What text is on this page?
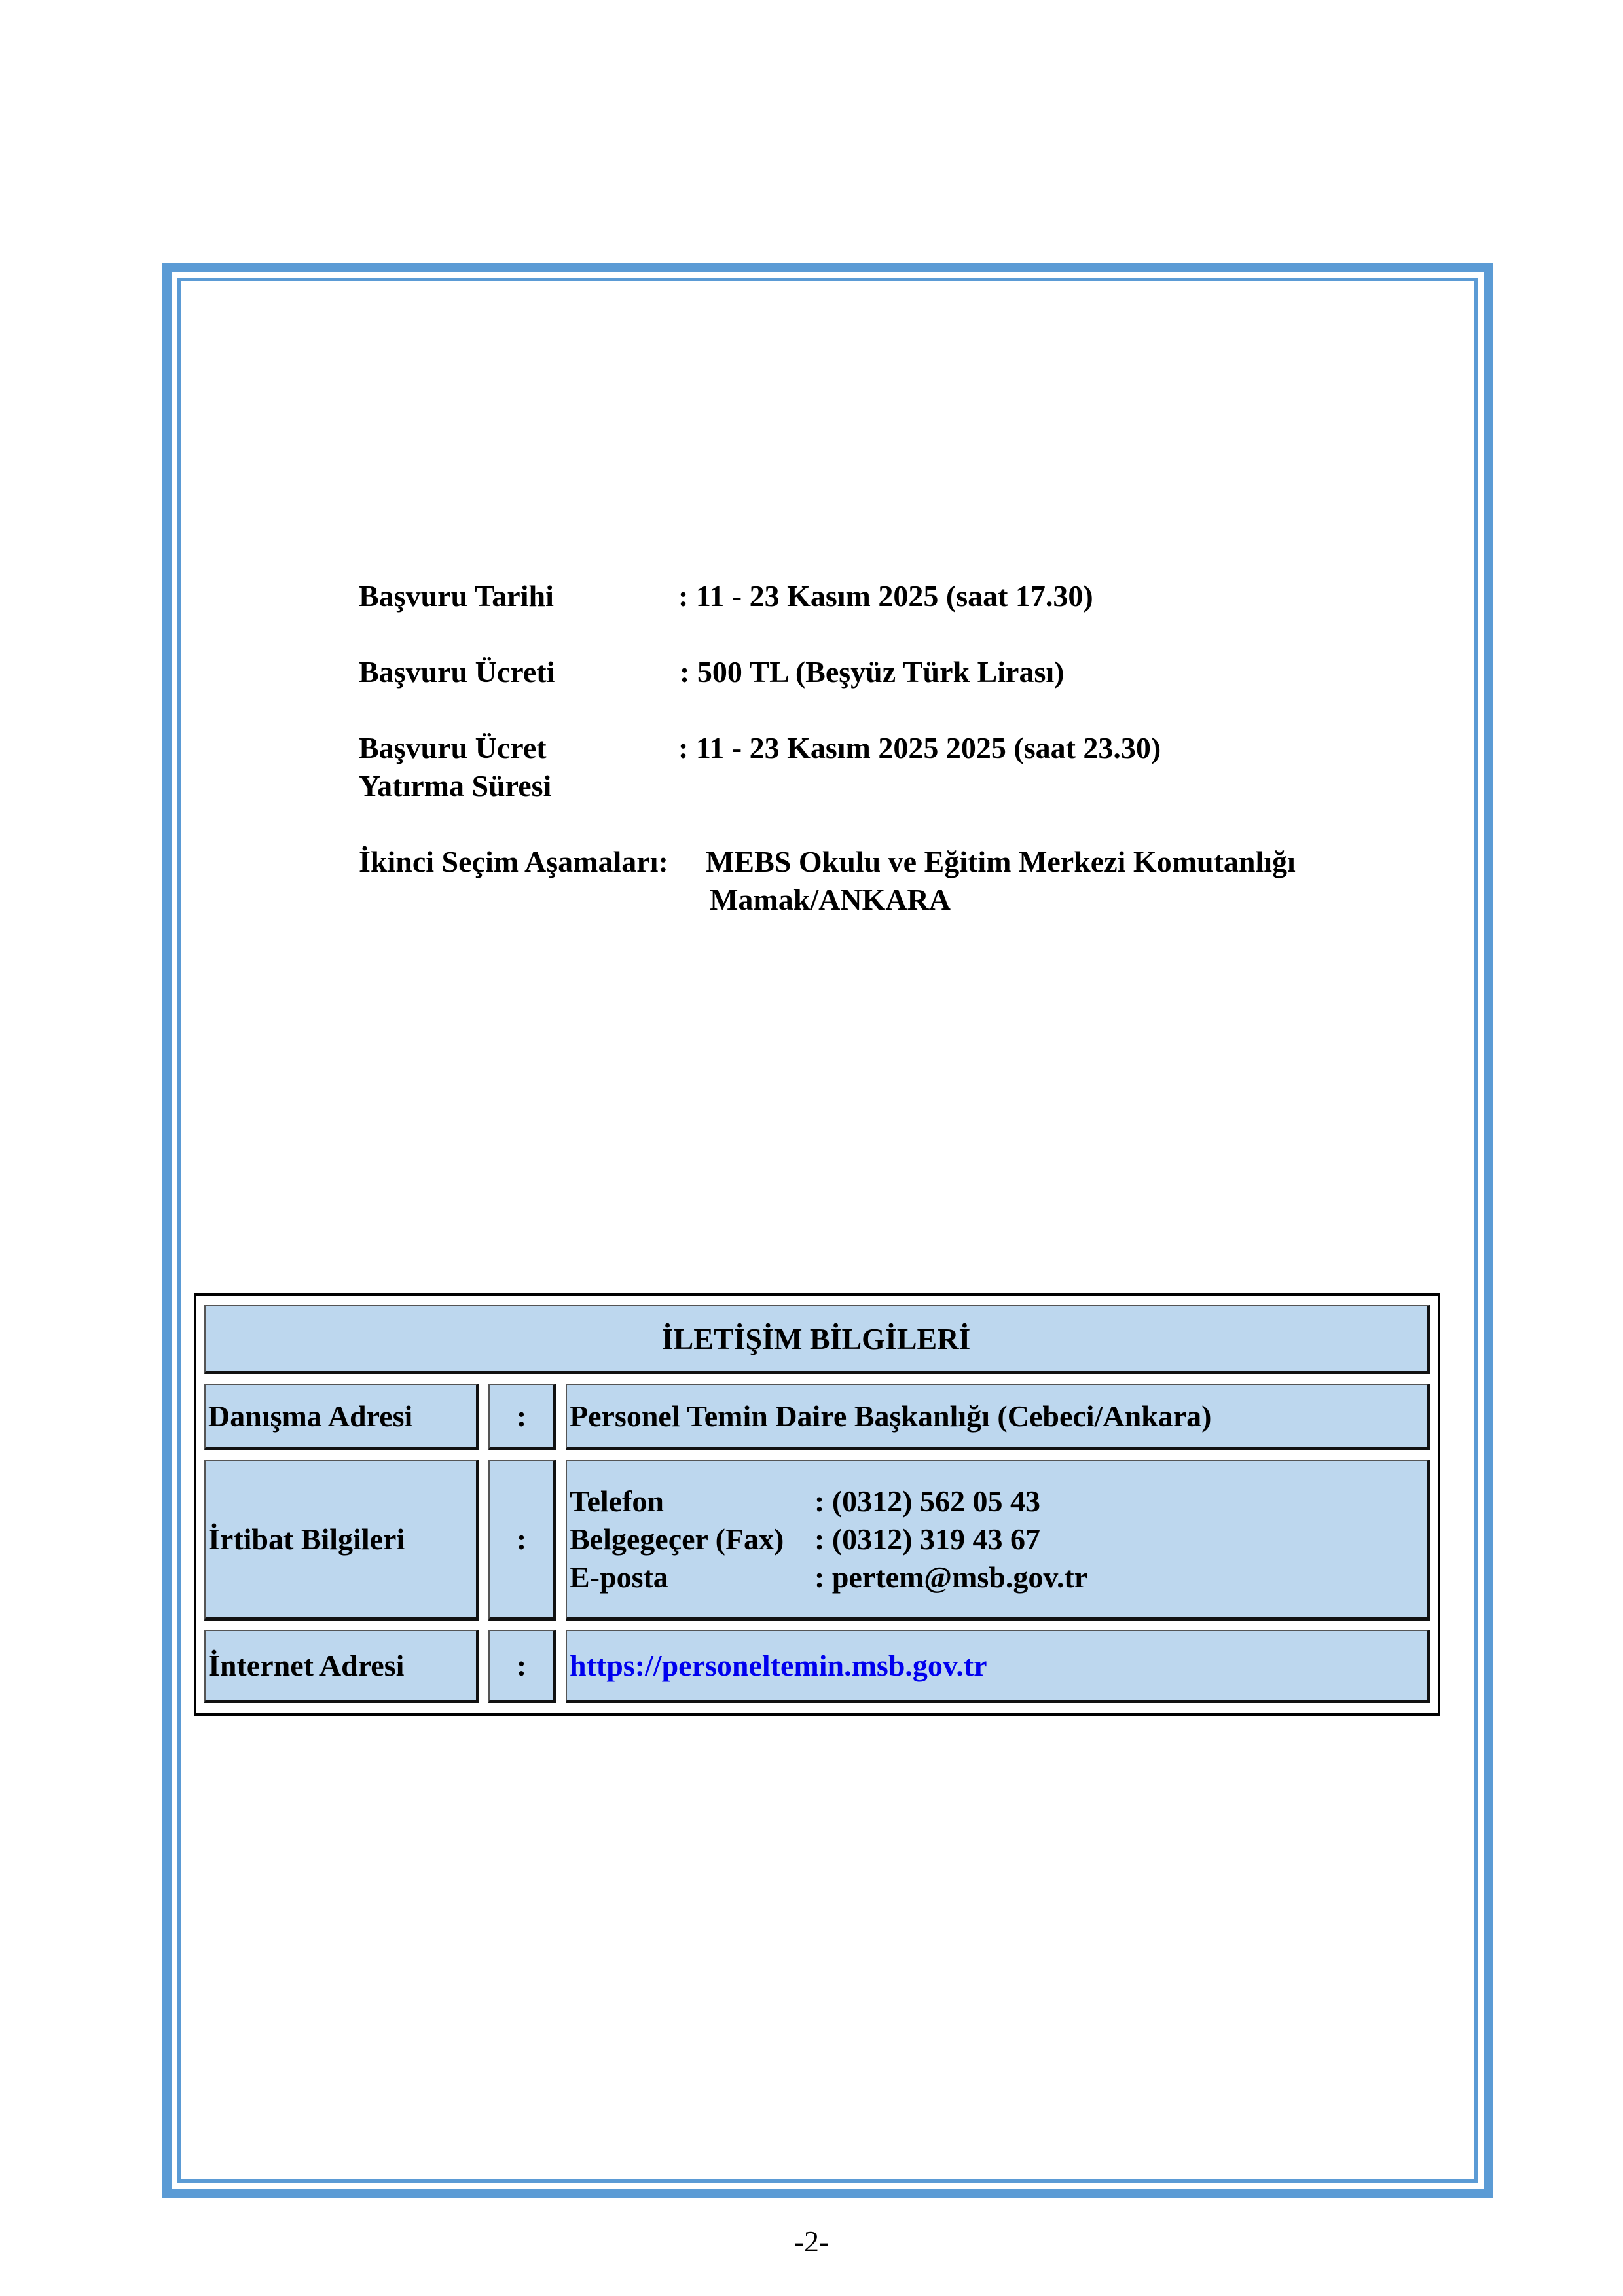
Başvuru Tarihi	: 11 - 23 Kasım 2025 (saat 17.30)
Başvuru Ücreti	: 500 TL (Beşyüz Türk Lirası)
Başvuru Ücret
Yatırma Süresi
: 11 - 23 Kasım 2025 2025 (saat 23.30)
İkinci Seçim Aşamaları: MEBS Okulu ve Eğitim Merkezi Komutanlığı
Mamak/ANKARA
İLETİŞİM BİLGİLERİ
Danışma Adresi	: Personel Temin Daire Başkanlığı (Cebeci/Ankara)
İrtibat Bilgileri	:
Telefon	: (0312) 562 05 43
Belgegeçer (Fax) : (0312) 319 43 67
E-posta	: pertem@msb.gov.tr
İnternet Adresi	: https://personeltemin.msb.gov.tr
-2-
